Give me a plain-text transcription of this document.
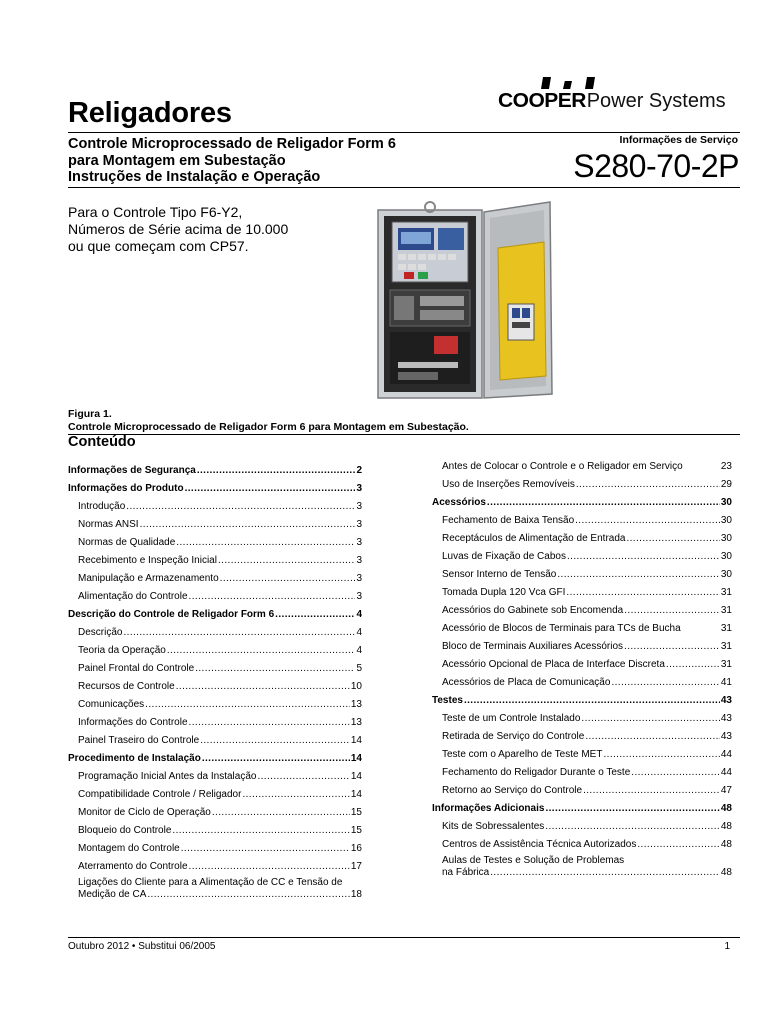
Religadores	COOPER Power Systems
Controle Microprocessado de Religador Form 6
para Montagem em Subestação
Instruções de Instalação e Operação
Informações de Serviço
S280-70-2P
Para o Controle Tipo F6-Y2,
Números de Série acima de 10.000
ou que começam com CP57.
Figura 1.
Controle Microprocessado de Religador Form 6 para Montagem em Subestação.
Conteúdo
Informações de Segurança .....	2
Informações do Produto .....	3
Introdução .....	3
Normas ANSI .....	3
Normas de Qualidade .....	3
Recebimento e Inspeção Inicial .....	3
Manipulação e Armazenamento .....	3
Alimentação do Controle .....	3
Descrição do Controle de Religador Form 6 .....	4
Descrição .....	4
Teoria da Operação .....	4
Painel Frontal do Controle .....	5
Recursos de Controle .....	10
Comunicações .....	13
Informações do Controle .....	13
Painel Traseiro do Controle .....	14
Procedimento de Instalação .....	14
Programação Inicial Antes da Instalação .....	14
Compatibilidade Controle / Religador .....	14
Monitor de Ciclo de Operação .....	15
Bloqueio do Controle .....	15
Montagem do Controle .....	16
Aterramento do Controle .....	17
Ligações do Cliente para a Alimentação de CC e Tensão de
Medição de CA .....	18
Antes de Colocar o Controle e o Religador em Serviço	23
Uso de Inserções Removíveis .....	29
Acessórios .....	30
Fechamento de Baixa Tensão .....	30
Receptáculos de Alimentação de Entrada .....	30
Luvas de Fixação de Cabos .....	30
Sensor Interno de Tensão .....	30
Tomada Dupla 120 Vca GFI .....	31
Acessórios do Gabinete sob Encomenda .....	31
Acessório de Blocos de Terminais para TCs de Bucha	31
Bloco de Terminais Auxiliares Acessórios .....	31
Acessório Opcional de Placa de Interface Discreta .....	31
Acessórios de Placa de Comunicação .....	41
Testes .....	43
Teste de um Controle Instalado .....	43
Retirada de Serviço do Controle .....	43
Teste com o Aparelho de Teste MET .....	44
Fechamento do Religador Durante o Teste .....	44
Retorno ao Serviço do Controle .....	47
Informações Adicionais .....	48
Kits de Sobressalentes .....	48
Centros de Assistência Técnica Autorizados .....	48
Aulas de Testes e Solução de Problemas
na Fábrica .....	48
Outubro 2012 • Substitui 06/2005	1
